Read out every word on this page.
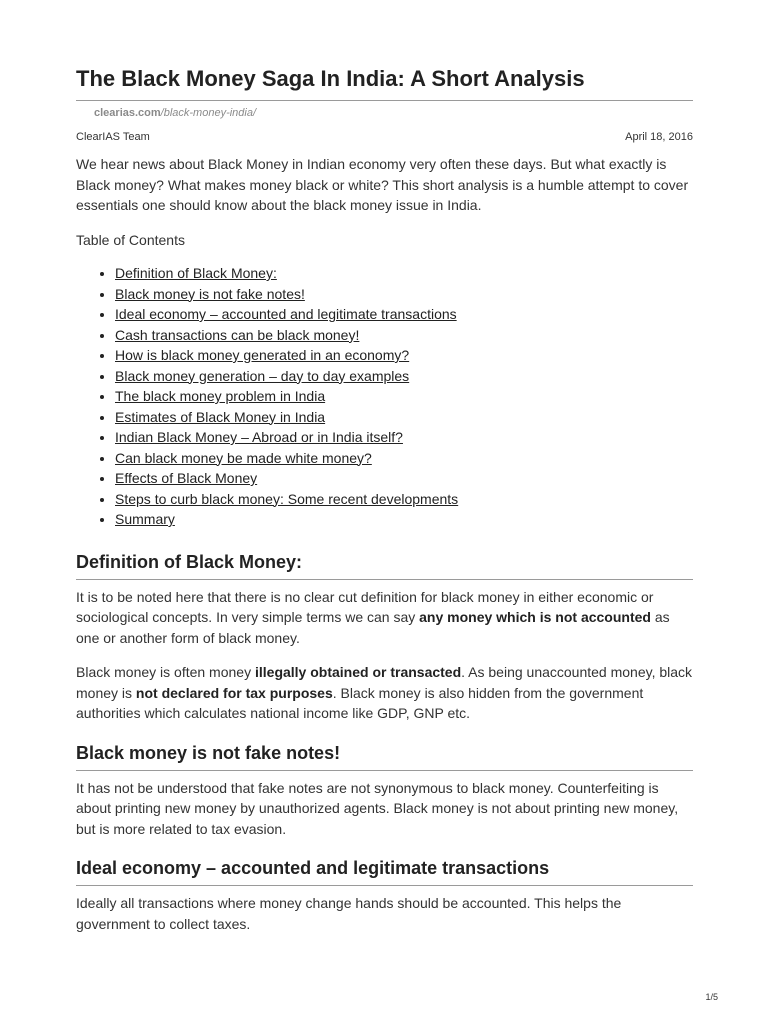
The Black Money Saga In India: A Short Analysis
clearias.com/black-money-india/
ClearIAS Team	April 18, 2016

We hear news about Black Money in Indian economy very often these days. But what exactly is Black money? What makes money black or white? This short analysis is a humble attempt to cover essentials one should know about the black money issue in India.

Table of Contents

• Definition of Black Money:
• Black money is not fake notes!
• Ideal economy – accounted and legitimate transactions
• Cash transactions can be black money!
• How is black money generated in an economy?
• Black money generation – day to day examples
• The black money problem in India
• Estimates of Black Money in India
• Indian Black Money – Abroad or in India itself?
• Can black money be made white money?
• Effects of Black Money
• Steps to curb black money: Some recent developments
• Summary
Definition of Black Money:

It is to be noted here that there is no clear cut definition for black money in either economic or sociological concepts. In very simple terms we can say any money which is not accounted as one or another form of black money.

Black money is often money illegally obtained or transacted. As being unaccounted money, black money is not declared for tax purposes. Black money is also hidden from the government authorities which calculates national income like GDP, GNP etc.

Black money is not fake notes!

It has not be understood that fake notes are not synonymous to black money. Counterfeiting is about printing new money by unauthorized agents. Black money is not about printing new money, but is more related to tax evasion.

Ideal economy – accounted and legitimate transactions

Ideally all transactions where money change hands should be accounted. This helps the government to collect taxes.

1/5
